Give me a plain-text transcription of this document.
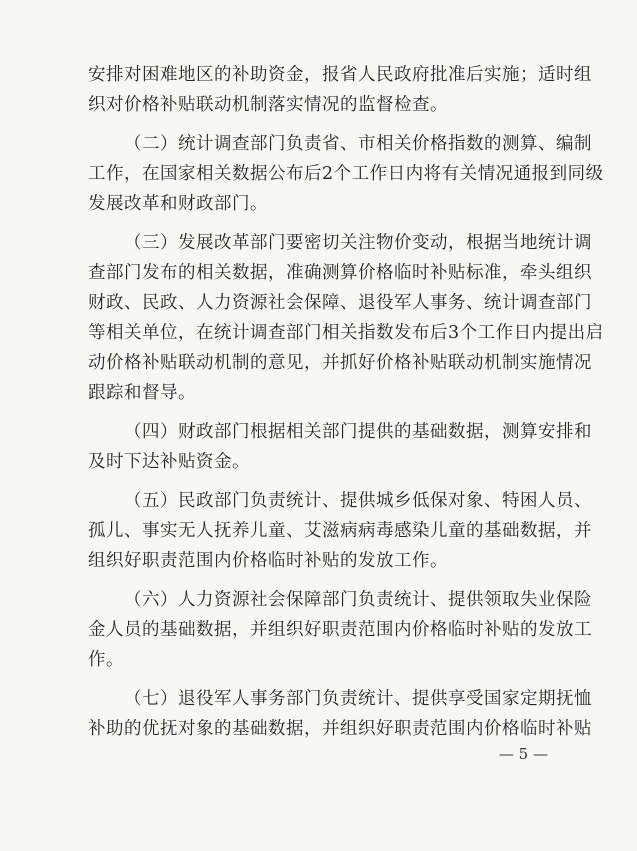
安排对困难地区的补助资金，报省人民政府批准后实施；适时组
织对价格补贴联动机制落实情况的监督检查。

（二）统计调查部门负责省、市相关价格指数的测算、编制
工作，在国家相关数据公布后2个工作日内将有关情况通报到同级
发展改革和财政部门。

（三）发展改革部门要密切关注物价变动，根据当地统计调
查部门发布的相关数据，准确测算价格临时补贴标准，牵头组织
财政、民政、人力资源社会保障、退役军人事务、统计调查部门
等相关单位，在统计调查部门相关指数发布后3个工作日内提出启
动价格补贴联动机制的意见，并抓好价格补贴联动机制实施情况
跟踪和督导。

（四）财政部门根据相关部门提供的基础数据，测算安排和
及时下达补贴资金。

（五）民政部门负责统计、提供城乡低保对象、特困人员、
孤儿、事实无人抚养儿童、艾滋病病毒感染儿童的基础数据，并
组织好职责范围内价格临时补贴的发放工作。

（六）人力资源社会保障部门负责统计、提供领取失业保险
金人员的基础数据，并组织好职责范围内价格临时补贴的发放工
作。

（七）退役军人事务部门负责统计、提供享受国家定期抚恤
补助的优抚对象的基础数据，并组织好职责范围内价格临时补贴

— 5 —
